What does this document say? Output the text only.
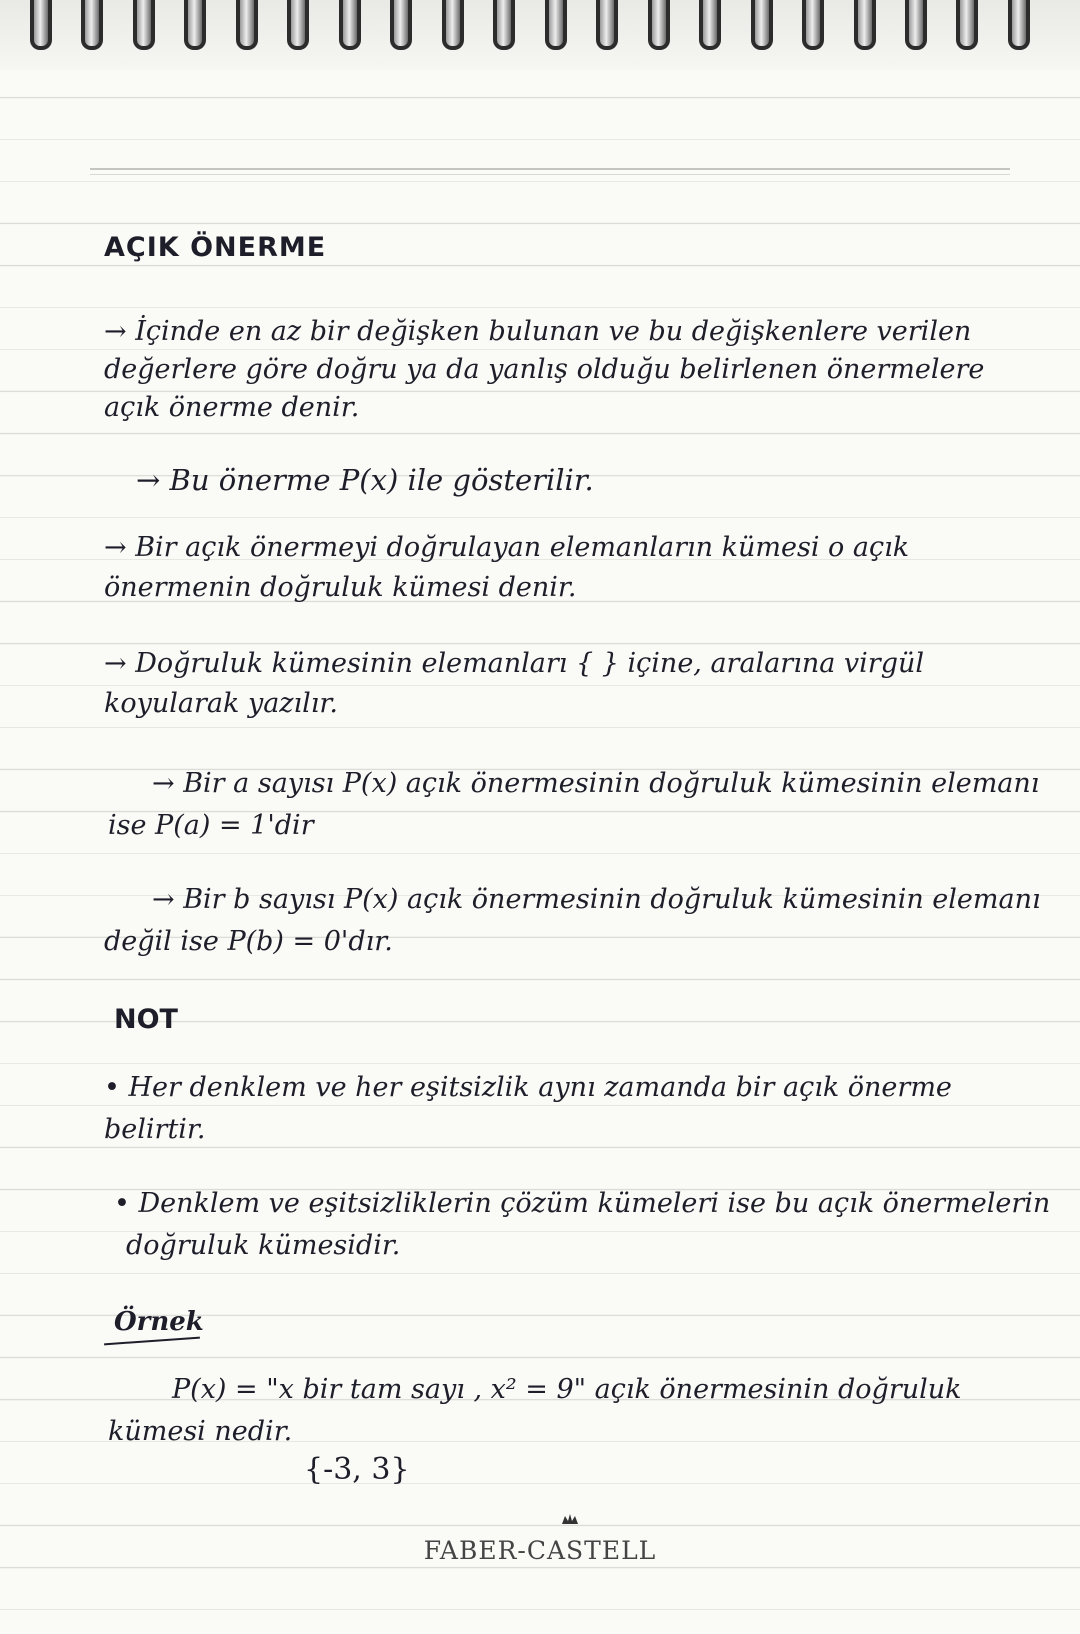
AÇIK ÖNERME

→ İçinde en az bir değişken bulunan ve bu değişkenlere verilen

değerlere göre doğru ya da yanlış olduğu belirlenen önermelere

açık önerme denir.

→ Bu önerme P(x) ile gösterilir.

→ Bir açık önermeyi doğrulayan elemanların kümesi o açık

önermenin doğruluk kümesi denir.

→ Doğruluk kümesinin elemanları { } içine, aralarına virgül

koyularak yazılır.

→ Bir a sayısı P(x) açık önermesinin doğruluk kümesinin elemanı

ise P(a) = 1'dir

→ Bir b sayısı P(x) açık önermesinin doğruluk kümesinin elemanı

değil ise P(b) = 0'dır.

NOT

• Her denklem ve her eşitsizlik aynı zamanda bir açık önerme

belirtir.

• Denklem ve eşitsizliklerin çözüm kümeleri ise bu açık önermelerin

doğruluk kümesidir.

Örnek

P(x) = "x bir tam sayı , x² = 9" açık önermesinin doğruluk

kümesi nedir.

{-3, 3}

FABER-CASTELL
